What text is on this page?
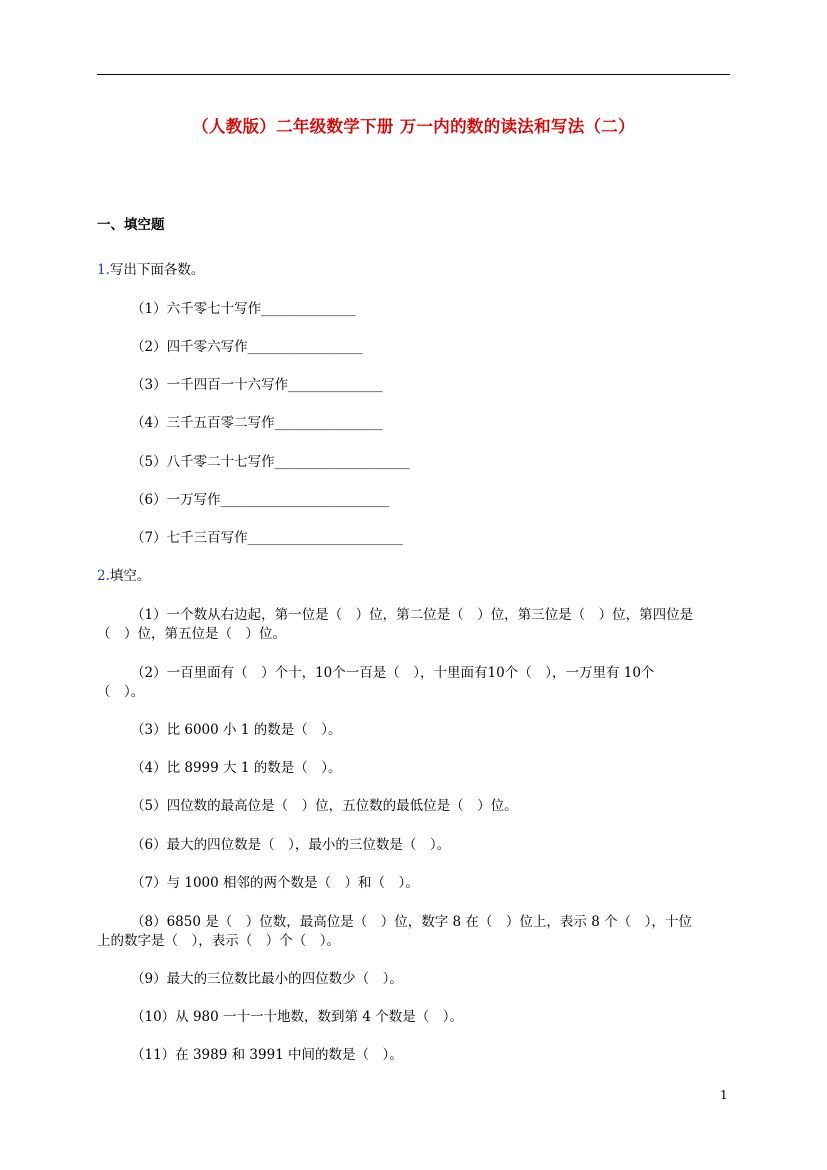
（人教版）二年级数学下册 万一内的数的读法和写法（二）
一、填空题
1.写出下面各数。
（1）六千零七十写作______________
（2）四千零六写作_________________
（3）一千四百一十六写作______________
（4）三千五百零二写作________________
（5）八千零二十七写作____________________
（6）一万写作_________________________
（7）七千三百写作_______________________
2.填空。
（1）一个数从右边起，第一位是（　）位，第二位是（　）位，第三位是（　）位，第四位是
（　）位，第五位是（　）位。
（2）一百里面有（　）个十，10个一百是（　），十里面有10个（　），一万里有 10个
（　）。
（3）比 6000 小 1 的数是（　）。
（4）比 8999 大 1 的数是（　）。
（5）四位数的最高位是（　）位，五位数的最低位是（　）位。
（6）最大的四位数是（　），最小的三位数是（　）。
（7）与 1000 相邻的两个数是（　）和（　）。
（8）6850 是（　）位数，最高位是（　）位，数字 8 在（　）位上，表示 8 个（　），十位
上的数字是（　），表示（　）个（　）。
（9）最大的三位数比最小的四位数少（　）。
（10）从 980 一十一十地数，数到第 4 个数是（　）。
（11）在 3989 和 3991 中间的数是（　）。
1
